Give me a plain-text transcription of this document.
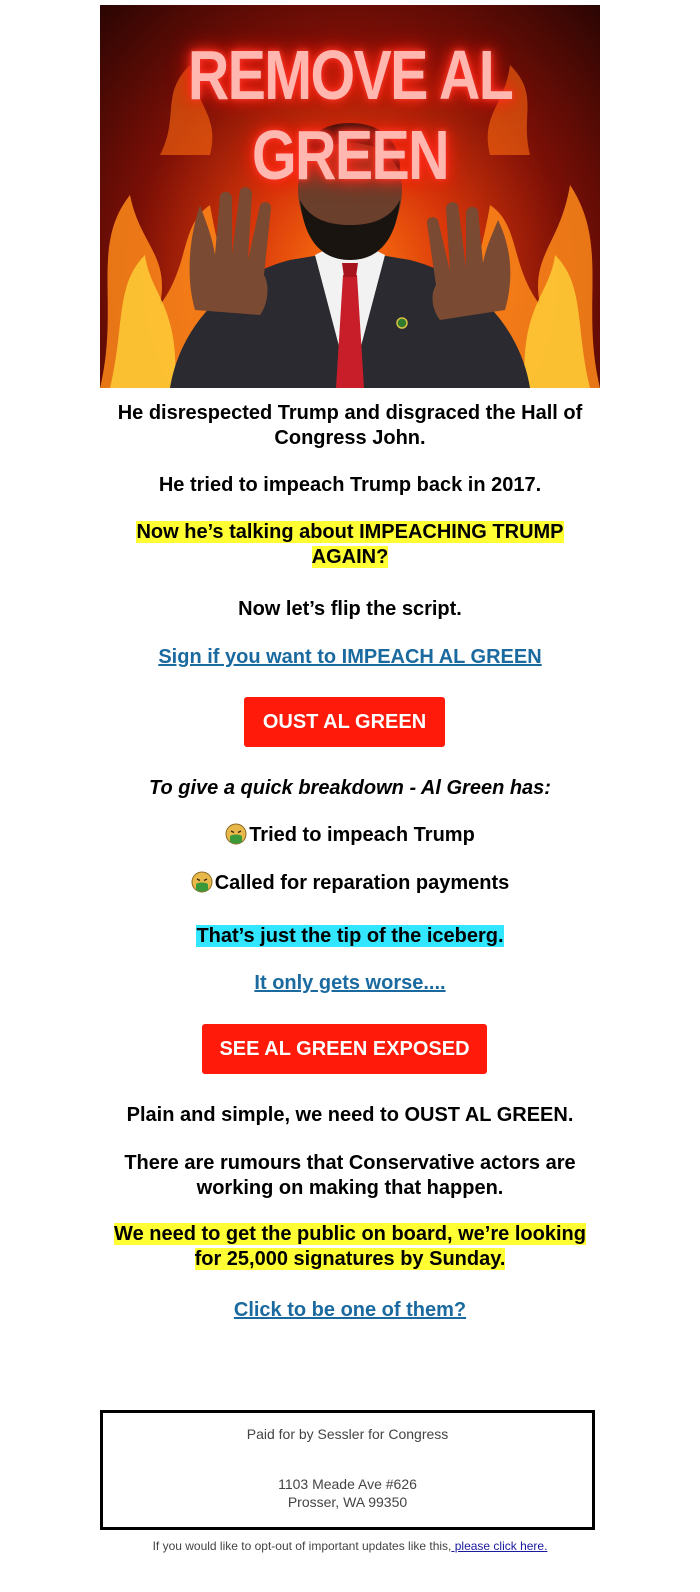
REMOVE AL GREEN
He disrespected Trump and disgraced the Hall of Congress John.
He tried to impeach Trump back in 2017.
Now he’s talking about IMPEACHING TRUMP AGAIN?
Now let’s flip the script.
Sign if you want to IMPEACH AL GREEN
OUST AL GREEN
To give a quick breakdown - Al Green has:
Tried to impeach Trump
Called for reparation payments
That’s just the tip of the iceberg.
It only gets worse....
SEE AL GREEN EXPOSED
Plain and simple, we need to OUST AL GREEN.
There are rumours that Conservative actors are working on making that happen.
We need to get the public on board, we’re looking for 25,000 signatures by Sunday.
Click to be one of them?
Paid for by Sessler for Congress
1103 Meade Ave #626
Prosser, WA 99350
If you would like to opt-out of important updates like this, please click here.
